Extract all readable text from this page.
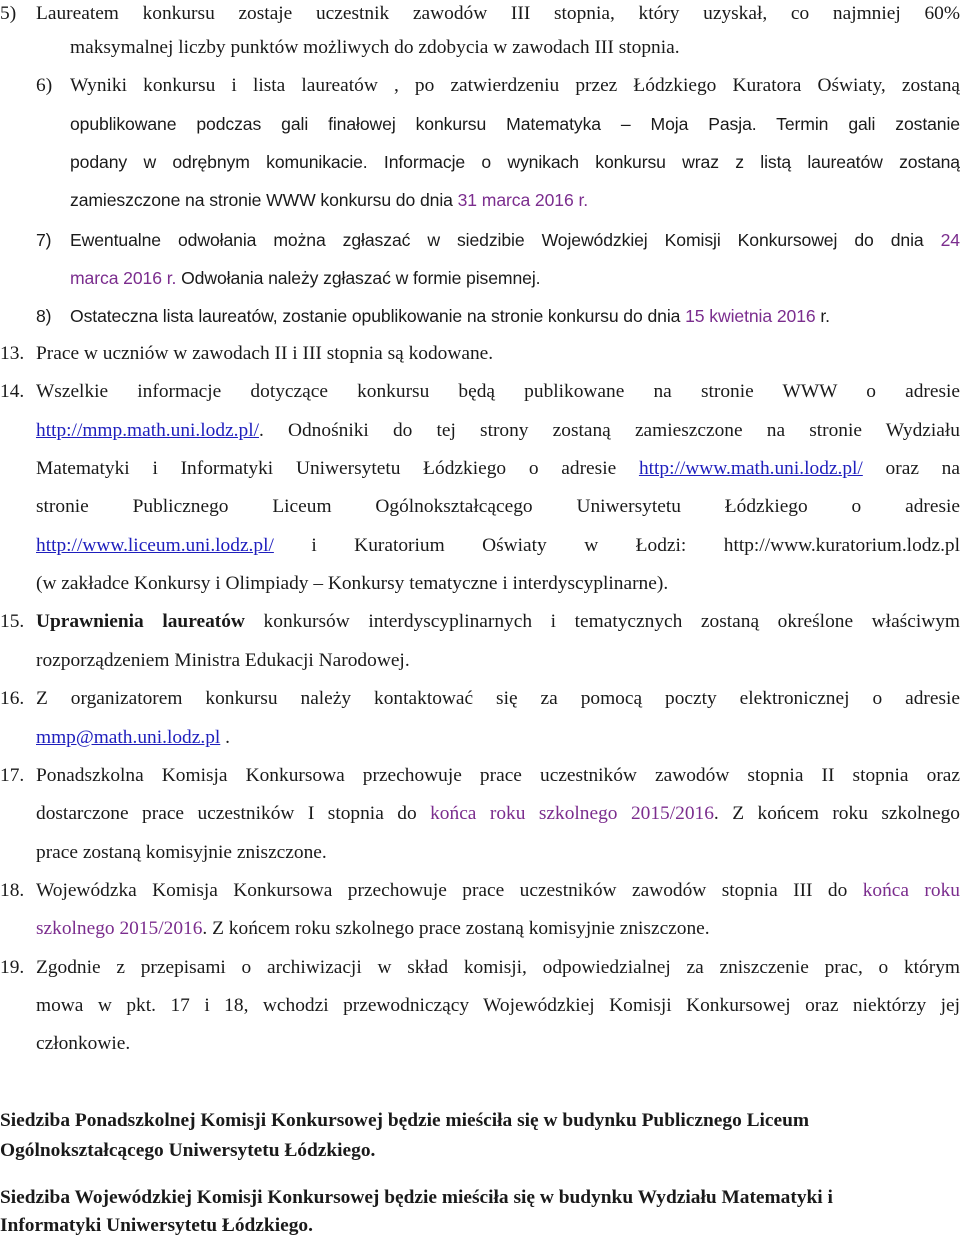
5) Laureatem konkursu zostaje uczestnik zawodów III stopnia, który uzyskał, co najmniej 60%
maksymalnej liczby punktów możliwych do zdobycia w zawodach III stopnia.
6) Wyniki konkursu i lista laureatów , po zatwierdzeniu przez Łódzkiego Kuratora Oświaty, zostaną
opublikowane podczas gali finałowej konkursu Matematyka – Moja Pasja. Termin gali zostanie
podany w odrębnym komunikacie. Informacje o wynikach konkursu wraz z listą laureatów zostaną
zamieszczone na stronie WWW konkursu do dnia 31 marca 2016 r.
7) Ewentualne odwołania można zgłaszać w siedzibie Wojewódzkiej Komisji Konkursowej do dnia 24
marca 2016 r. Odwołania należy zgłaszać w formie pisemnej.
8) Ostateczna lista laureatów, zostanie opublikowanie na stronie konkursu do dnia 15 kwietnia 2016 r.
13. Prace w uczniów w zawodach II i III stopnia są kodowane.
14. Wszelkie informacje dotyczące konkursu będą publikowane na stronie WWW o adresie
http://mmp.math.uni.lodz.pl/. Odnośniki do tej strony zostaną zamieszczone na stronie Wydziału
Matematyki i Informatyki Uniwersytetu Łódzkiego o adresie http://www.math.uni.lodz.pl/ oraz na
stronie Publicznego Liceum Ogólnokształcącego Uniwersytetu Łódzkiego o adresie
http://www.liceum.uni.lodz.pl/ i Kuratorium Oświaty w Łodzi: http://www.kuratorium.lodz.pl
(w zakładce Konkursy i Olimpiady – Konkursy tematyczne i interdyscyplinarne).
15. Uprawnienia laureatów konkursów interdyscyplinarnych i tematycznych zostaną określone właściwym
rozporządzeniem Ministra Edukacji Narodowej.
16. Z organizatorem konkursu należy kontaktować się za pomocą poczty elektronicznej o adresie
mmp@math.uni.lodz.pl .
17. Ponadszkolna Komisja Konkursowa przechowuje prace uczestników zawodów stopnia II stopnia oraz
dostarczone prace uczestników I stopnia do końca roku szkolnego 2015/2016. Z końcem roku szkolnego
prace zostaną komisyjnie zniszczone.
18. Wojewódzka Komisja Konkursowa przechowuje prace uczestników zawodów stopnia III do końca roku
szkolnego 2015/2016. Z końcem roku szkolnego prace zostaną komisyjnie zniszczone.
19. Zgodnie z przepisami o archiwizacji w skład komisji, odpowiedzialnej za zniszczenie prac, o którym
mowa w pkt. 17 i 18, wchodzi przewodniczący Wojewódzkiej Komisji Konkursowej oraz niektórzy jej
członkowie.
Siedziba Ponadszkolnej Komisji Konkursowej będzie mieściła się w budynku Publicznego Liceum
Ogólnokształcącego Uniwersytetu Łódzkiego.
Siedziba Wojewódzkiej Komisji Konkursowej będzie mieściła się w budynku Wydziału Matematyki i
Informatyki Uniwersytetu Łódzkiego.
